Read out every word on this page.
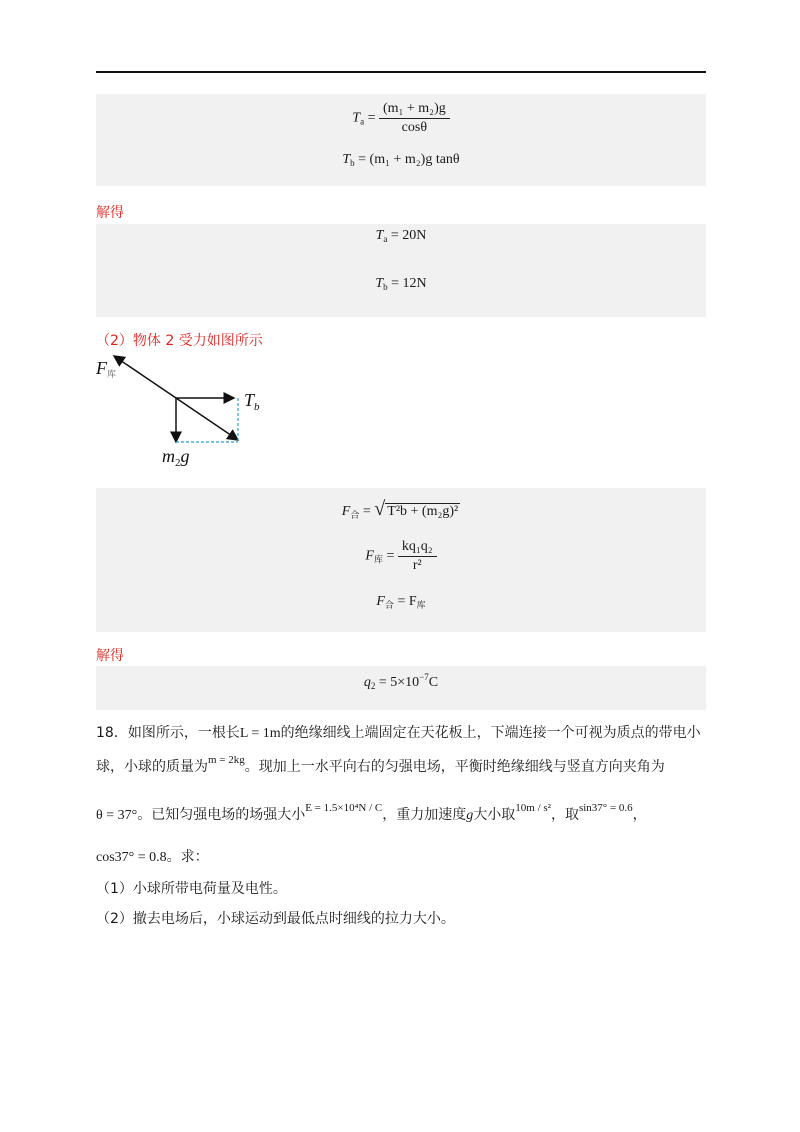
$T_a = \frac{\text{(m₁ + m₂)g}}{\cos\theta}$
$T_b = (m_1 + m_2)g$ tanθ
解得
$T_a = 20N$
$T_b = 12N$
（2）物体 2 受力如图所示
F库
$T_b$
$m_2g$
$F_合$ = √ T²b + (m₂g)²
$F_库 = \frac{\text{kq₁q₂}}{\text{r²}}$
$F_合 = F_库$
解得
$q_2 = 5\times 10^{-7}C$
18．如图所示，一根长L = 1m的绝缘细线上端固定在天花板上，下端连接一个可视为质点的带电小
球，小球的质量为$^{m = 2kg}$。现加上一水平向右的匀强电场，平衡时绝缘细线与竖直方向夹角为
θ = 37°。已知匀强电场的场强大小$^{E = 1.5\times 10^4N / C}$，重力加速度g大小取$^{10m / s^2}$，取$^{sin37^\circ = 0.6}$，
cos37° = 0.8。求：
（1）小球所带电荷量及电性。
（2）撤去电场后，小球运动到最低点时细线的拉力大小。
